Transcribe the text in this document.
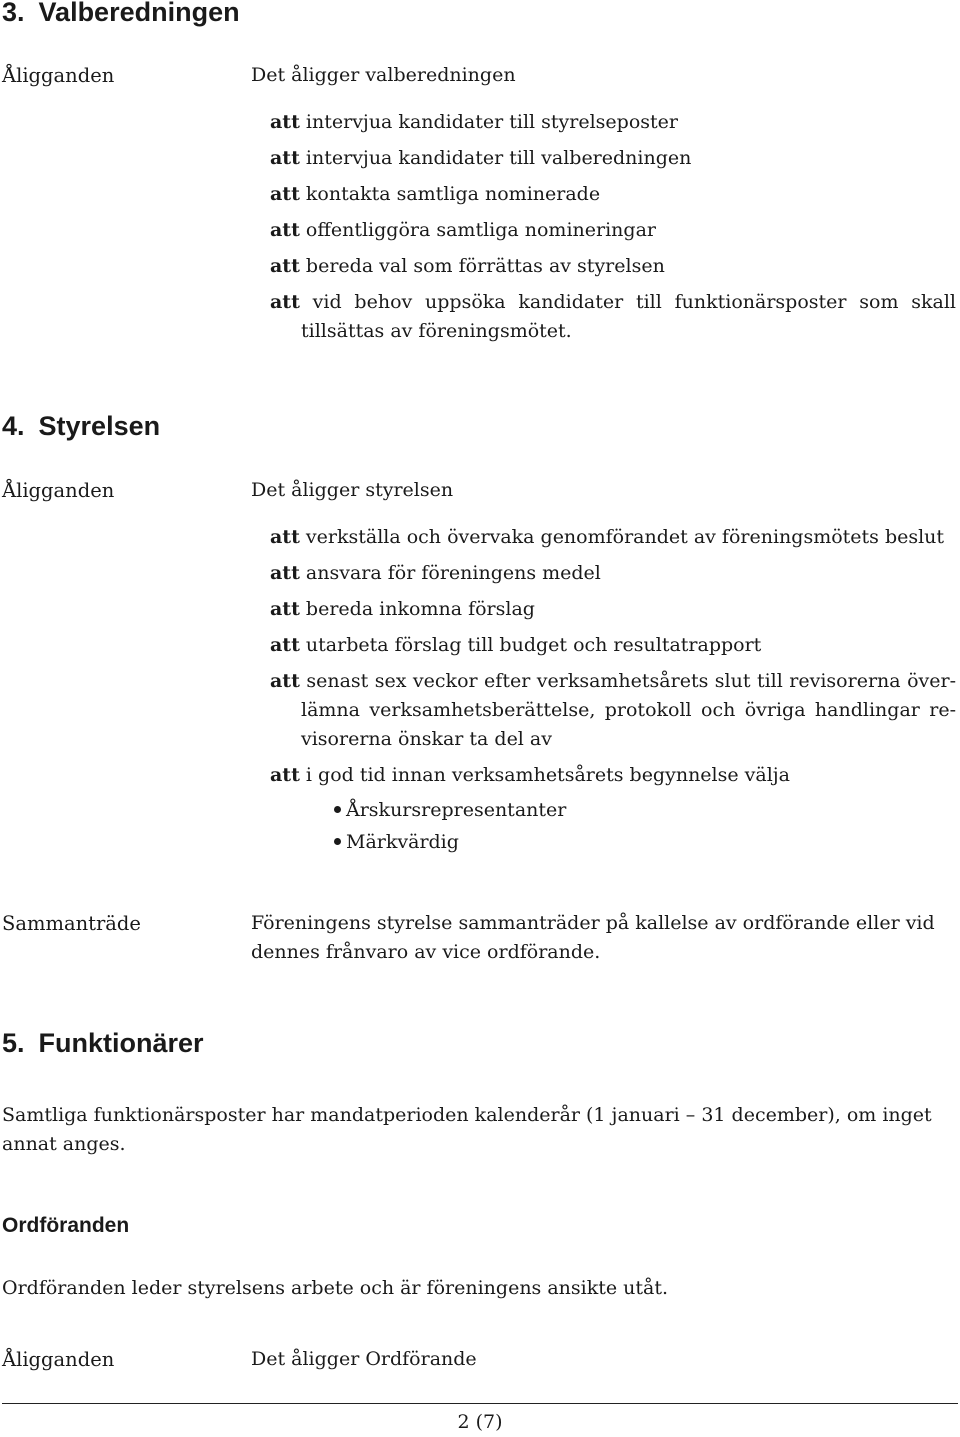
3. Valberedningen
Åligganden	Det åligger valberedningen
att intervjua kandidater till styrelseposter
att intervjua kandidater till valberedningen
att kontakta samtliga nominerade
att offentliggöra samtliga nomineringar
att bereda val som förrättas av styrelsen
att vid behov uppsöka kandidater till funktionärsposter som skall tillsättas av föreningsmötet.
4. Styrelsen
Åligganden	Det åligger styrelsen
att verkställa och övervaka genomförandet av föreningsmötets beslut
att ansvara för föreningens medel
att bereda inkomna förslag
att utarbeta förslag till budget och resultatrapport
att senast sex veckor efter verksamhetsårets slut till revisorerna överlämna verksamhetsberättelse, protokoll och övriga handlingar revisorerna önskar ta del av
att i god tid innan verksamhetsårets begynnelse välja
Årskursrepresentanter
Märkvärdig
Sammanträde	Föreningens styrelse sammanträder på kallelse av ordförande eller vid dennes frånvaro av vice ordförande.
5. Funktionärer
Samtliga funktionärsposter har mandatperioden kalenderår (1 januari – 31 december), om inget annat anges.
Ordföranden
Ordföranden leder styrelsens arbete och är föreningens ansikte utåt.
Åligganden	Det åligger Ordförande
2 (7)
